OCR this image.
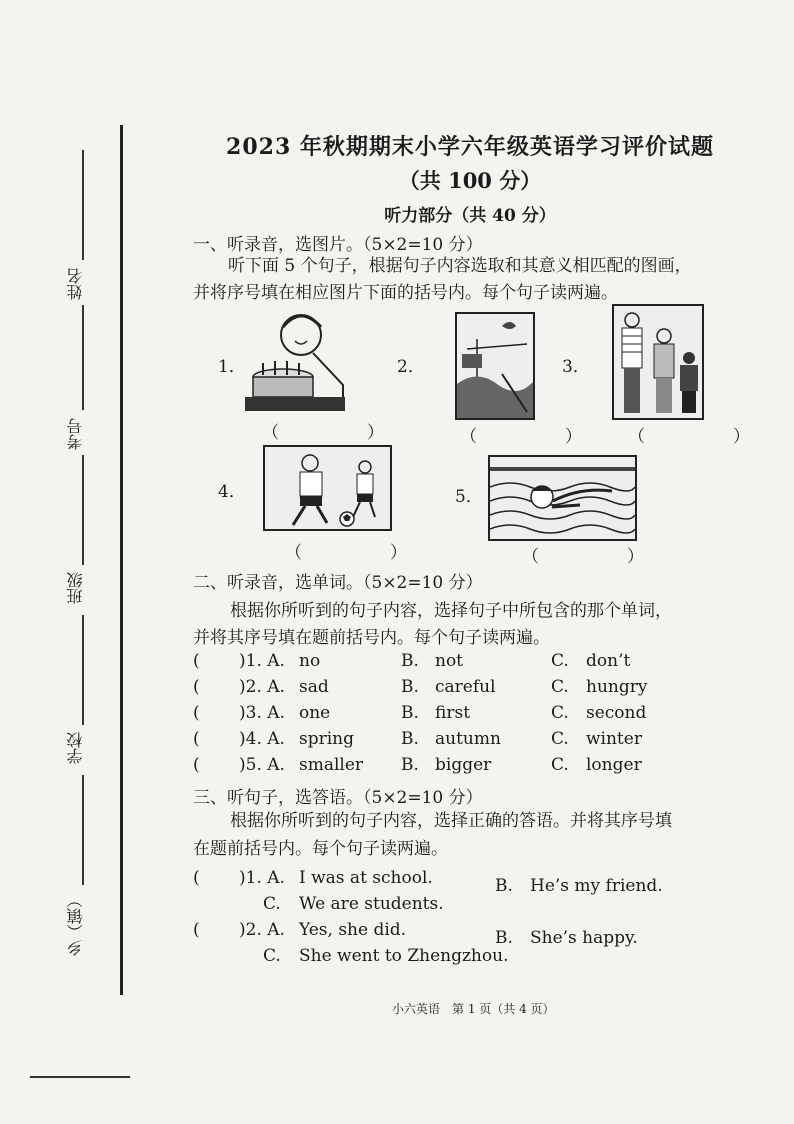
姓名
考号
班级
学校
乡（镇）
2023 年秋期期末小学六年级英语学习评价试题
（共 100 分）
听力部分（共 40 分）
一、听录音，选图片。（5×2=10 分）
听下面 5 个句子，根据句子内容选取和其意义相匹配的图画，
并将序号填在相应图片下面的括号内。每个句子读两遍。
1．
（　　）
2．
（　　）
3．
（　　）
4．
（　　）
5．
（　　）
二、听录音，选单词。（5×2=10 分）
根据你所听到的句子内容，选择句子中所包含的那个单词，
并将其序号填在题前括号内。每个句子读两遍。
( )1. A. no	B. not	C. don’t
( )2. A. sad	B. careful	C. hungry
( )3. A. one	B. first	C. second
( )4. A. spring	B. autumn	C. winter
( )5. A. smaller B. bigger	C. longer
三、听句子，选答语。（5×2=10 分）
根据你所听到的句子内容，选择正确的答语。并将其序号填
在题前括号内。每个句子读两遍。
( )1. A. I was at school.	B. He’s my friend.
C. We are students.
( )2. A. Yes, she did.	B. She’s happy.
C. She went to Zhengzhou.
小六英语　第 1 页（共 4 页）
